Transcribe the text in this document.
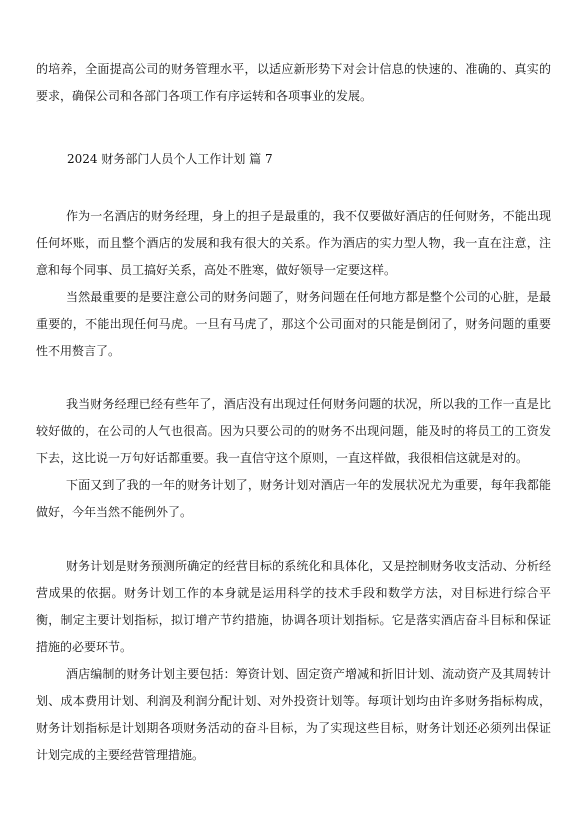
的培养，全面提高公司的财务管理水平，以适应新形势下对会计信息的快速的、准确的、真实的要求，确保公司和各部门各项工作有序运转和各项事业的发展。

2024 财务部门人员个人工作计划 篇 7

作为一名酒店的财务经理，身上的担子是最重的，我不仅要做好酒店的任何财务，不能出现任何坏账，而且整个酒店的发展和我有很大的关系。作为酒店的实力型人物，我一直在注意，注意和每个同事、员工搞好关系，高处不胜寒，做好领导一定要这样。

当然最重要的是要注意公司的财务问题了，财务问题在任何地方都是整个公司的心脏，是最重要的，不能出现任何马虎。一旦有马虎了，那这个公司面对的只能是倒闭了，财务问题的重要性不用赘言了。

我当财务经理已经有些年了，酒店没有出现过任何财务问题的状况，所以我的工作一直是比较好做的，在公司的人气也很高。因为只要公司的的财务不出现问题，能及时的将员工的工资发下去，这比说一万句好话都重要。我一直信守这个原则，一直这样做，我很相信这就是对的。

下面又到了我的一年的财务计划了，财务计划对酒店一年的发展状况尤为重要，每年我都能做好，今年当然不能例外了。

财务计划是财务预测所确定的经营目标的系统化和具体化，又是控制财务收支活动、分析经营成果的依据。财务计划工作的本身就是运用科学的技术手段和数学方法，对目标进行综合平衡，制定主要计划指标，拟订增产节约措施，协调各项计划指标。它是落实酒店奋斗目标和保证措施的必要环节。

酒店编制的财务计划主要包括：筹资计划、固定资产增减和折旧计划、流动资产及其周转计划、成本费用计划、利润及利润分配计划、对外投资计划等。每项计划均由许多财务指标构成，财务计划指标是计划期各项财务活动的奋斗目标，为了实现这些目标，财务计划还必须列出保证计划完成的主要经营管理措施。
